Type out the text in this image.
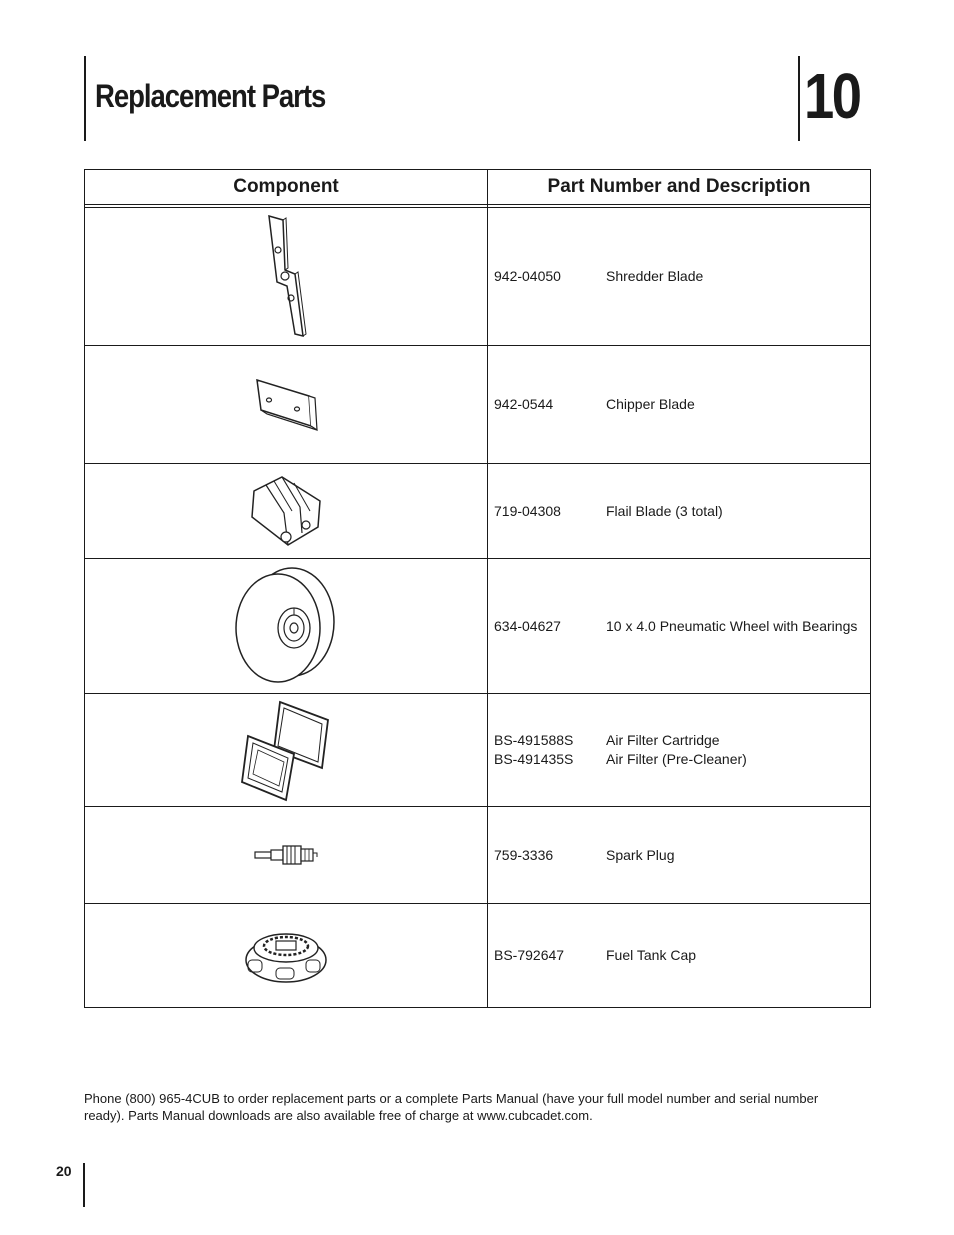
Replacement Parts	10
Component	Part Number and Description

942-04050 Shredder Blade

942-0544 Chipper Blade

719-04308 Flail Blade (3 total)

634-04627 10 x 4.0 Pneumatic Wheel with Bearings

BS-491588S Air Filter Cartridge
BS-491435S Air Filter (Pre-Cleaner)

759-3336 Spark Plug

BS-792647 Fuel Tank Cap
Phone (800) 965-4CUB to order replacement parts or a complete Parts Manual (have your full model number and serial number ready). Parts Manual downloads are also available free of charge at www.cubcadet.com.
20
